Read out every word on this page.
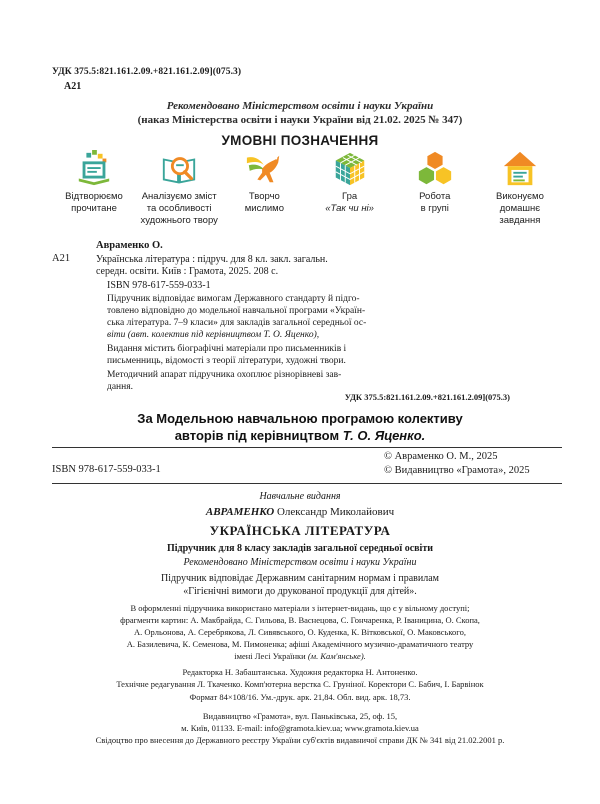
УДК 375.5:821.161.2.09.+821.161.2.09](075.3)
А21
Рекомендовано Міністерством освіти і науки України
(наказ Міністерства освіти і науки України від 21.02. 2025 № 347)
УМОВНІ ПОЗНАЧЕННЯ
Відтворюємо
прочитане
Аналізуємо зміст
та особливості
художнього твору
Творчо
мислимо
Гра
«Так чи ні»
Робота
в групі
Виконуємо
домашнє
завдання
Авраменко О.
А21	Українська література : підруч. для 8 кл. закл. загальн.
середн. освіти. Київ : Грамота, 2025. 208 с.
ISBN 978-617-559-033-1
Підручник відповідає вимогам Державного стандарту й підго-
товлено відповідно до модельної навчальної програми «Україн-
ська література. 7–9 класи» для закладів загальної середньої ос-
віти (авт. колектив під керівництвом Т. О. Яценко),
Видання містить біографічні матеріали про письменників і
письменниць, відомості з теорії літератури, художні твори.
Методичний апарат підручника охоплює різнорівневі зав-
дання.
УДК 375.5:821.161.2.09.+821.161.2.09](075.3)
За Модельною навчальною програмою колективу
авторів під керівництвом Т. О. Яценко.
© Авраменко О. М., 2025
© Видавництво «Грамота», 2025
ISBN 978-617-559-033-1
Навчальне видання
АВРАМЕНКО Олександр Миколайович
УКРАЇНСЬКА ЛІТЕРАТУРА
Підручник для 8 класу закладів загальної середньої освіти
Рекомендовано Міністерством освіти і науки України
Підручник відповідає Державним санітарним нормам і правилам
«Гігієнічні вимоги до друкованої продукції для дітей».
В оформленні підручника використано матеріали з інтернет-видань, що є у вільному доступі;
фрагменти картин: А. Макбрайда, С. Гильова, В. Васнецова, С. Гончаренка, Р. Іваницина, О. Скопа,
А. Орльонова, А. Серебрякова, Л. Сивявського, О. Куденка, К. Вітковської, О. Маковського,
А. Базилевича, К. Семенова, М. Пимоненка; афіші Академічного музично-драматичного театру
імені Лесі Українки (м. Кам'янське).
Редакторка Н. Забаштанська. Художня редакторка Н. Антоненко.
Технічне редагування Л. Ткаченко. Комп'ютерна верстка С. Груніної. Коректори С. Бабич, І. Барвінок
Формат 84×108/16. Ум.-друк. арк. 21,84. Обл. вид. арк. 18,73.
Видавництво «Грамота», вул. Паньківська, 25, оф. 15,
м. Київ, 01133. E-mail: info@gramota.kiev.ua; www.gramota.kiev.ua
Свідоцтво про внесення до Державного реєстру України суб'єктів видавничої справи ДК № 341 від 21.02.2001 р.
